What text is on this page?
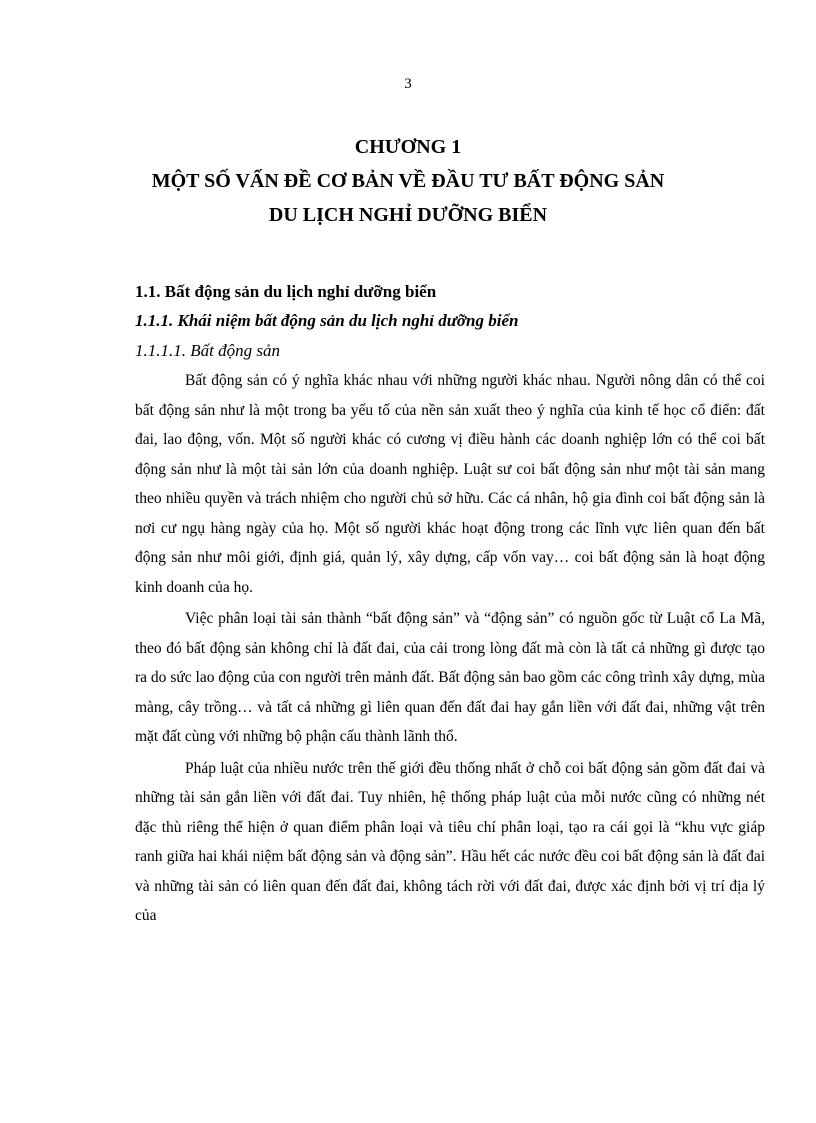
3
CHƯƠNG 1
MỘT SỐ VẤN ĐỀ CƠ BẢN VỀ ĐẦU TƯ BẤT ĐỘNG SẢN
DU LỊCH NGHỈ DƯỠNG BIỂN
1.1. Bất động sản du lịch nghỉ dưỡng biển
1.1.1. Khái niệm bất động sản du lịch nghỉ dưỡng biển
1.1.1.1. Bất động sản

Bất động sản có ý nghĩa khác nhau với những người khác nhau. Người nông dân có thể coi bất động sản như là một trong ba yếu tố của nền sản xuất theo ý nghĩa của kinh tế học cổ điển: đất đai, lao động, vốn. Một số người khác có cương vị điều hành các doanh nghiệp lớn có thể coi bất động sản như là một tài sản lớn của doanh nghiệp. Luật sư coi bất động sản như một tài sản mang theo nhiều quyền và trách nhiệm cho người chủ sở hữu. Các cá nhân, hộ gia đình coi bất động sản là nơi cư ngụ hàng ngày của họ. Một số người khác hoạt động trong các lĩnh vực liên quan đến bất động sản như môi giới, định giá, quản lý, xây dựng, cấp vốn vay… coi bất động sản là hoạt động kinh doanh của họ.

Việc phân loại tài sản thành “bất động sản” và “động sản” có nguồn gốc từ Luật cổ La Mã, theo đó bất động sản không chỉ là đất đai, của cải trong lòng đất mà còn là tất cả những gì được tạo ra do sức lao động của con người trên mảnh đất. Bất động sản bao gồm các công trình xây dựng, mùa màng, cây trồng… và tất cả những gì liên quan đến đất đai hay gắn liền với đất đai, những vật trên mặt đất cùng với những bộ phận cấu thành lãnh thổ.

Pháp luật của nhiều nước trên thế giới đều thống nhất ở chỗ coi bất động sản gồm đất đai và những tài sản gắn liền với đất đai. Tuy nhiên, hệ thống pháp luật của mỗi nước cũng có những nét đặc thù riêng thể hiện ở quan điểm phân loại và tiêu chí phân loại, tạo ra cái gọi là “khu vực giáp ranh giữa hai khái niệm bất động sản và động sản”. Hầu hết các nước đều coi bất động sản là đất đai và những tài sản có liên quan đến đất đai, không tách rời với đất đai, được xác định bởi vị trí địa lý của
